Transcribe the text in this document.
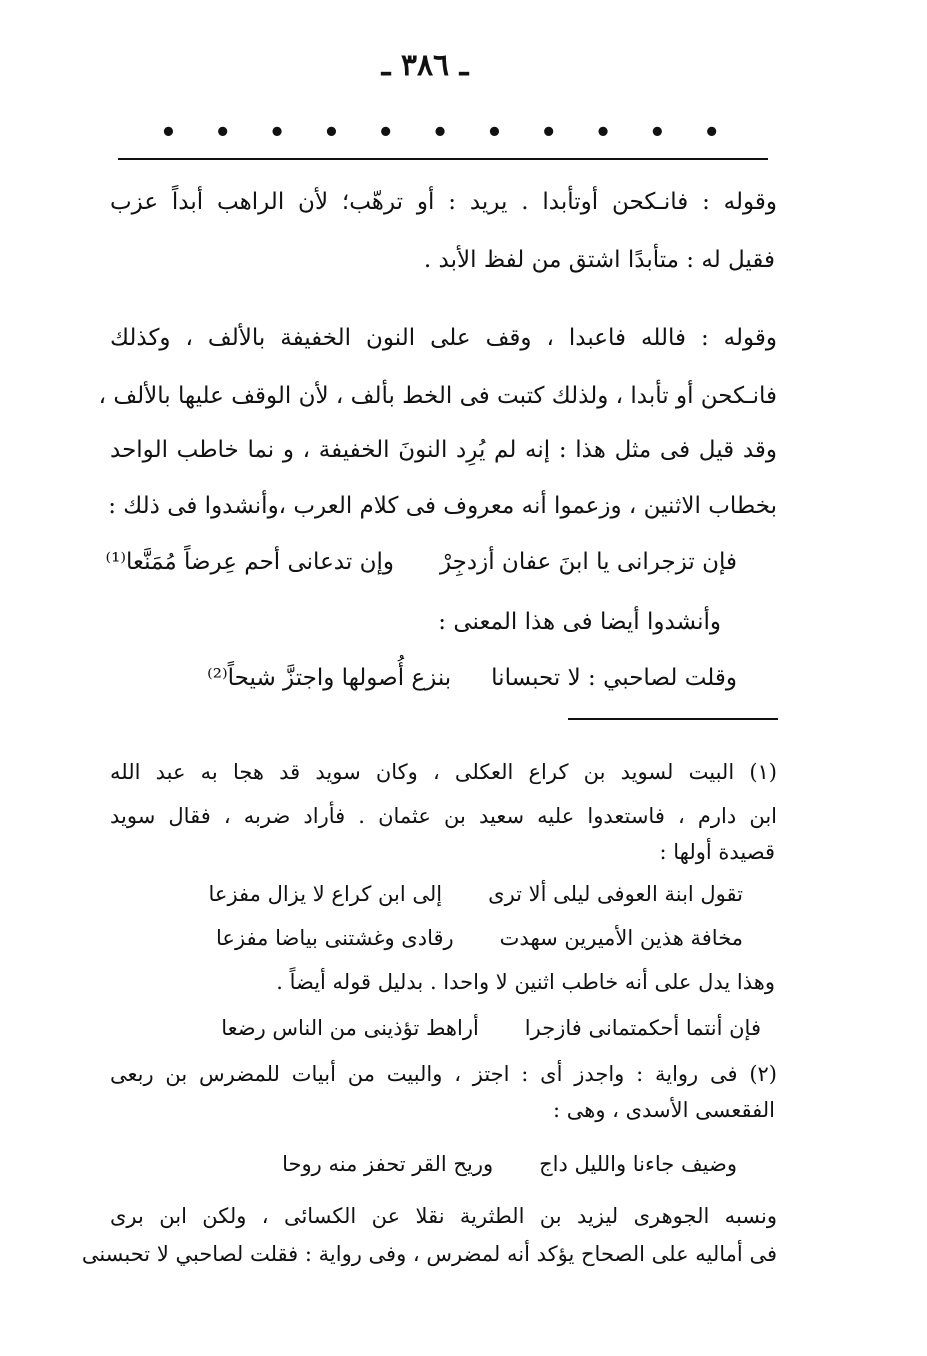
ـ ٣٨٦ ـ
•
•
•
•
•
•
•
•
•
•
•
وقوله : فانـكحن أوتأبدا . يريد : أو ترهّب؛ لأن الراهب أبداً عزب
فقيل له : متأبدًا اشتق من لفظ الأبد .
وقوله : فالله فاعبدا ، وقف على النون الخفيفة بالألف ، وكذلك
فانـكحن أو تأبدا ، ولذلك كتبت فى الخط بألف ، لأن الوقف عليها بالألف ،
وقد قيل فى مثل هذا : إنه لم يُرِد النونَ الخفيفة ، و نما خاطب الواحد
بخطاب الاثنين ، وزعموا أنه معروف فى كلام العرب ،وأنشدوا فى ذلك :
فإن تزجرانى يا ابنَ عفان أزدجِرْ
وإن تدعانى أحم عِرضاً مُمَنَّعا⁽¹⁾
وأنشدوا أيضا فى هذا المعنى :
وقلت لصاحبي : لا تحبسانا
بنزع أُصولها واجتزَّ شيحاً⁽²⁾
(١) البيت لسويد بن كراع العكلى ، وكان سويد قد هجا به عبد الله
ابن دارم ، فاستعدوا عليه سعيد بن عثمان . فأراد ضربه ، فقال سويد
قصيدة أولها :
تقول ابنة العوفى ليلى ألا ترى
إلى ابن كراع لا يزال مفزعا
مخافة هذين الأميرين سهدت
رقادى وغشتنى بياضا مفزعا
وهذا يدل على أنه خاطب اثنين لا واحدا . بدليل قوله أيضاً .
فإن أنتما أحكمتمانى فازجرا
أراهط تؤذينى من الناس رضعا
(٢) فى رواية : واجدز أى : اجتز ، والبيت من أبيات للمضرس بن ربعى
الفقعسى الأسدى ، وهى :
وضيف جاءنا والليل داج
وريح القر تحفز منه روحا
ونسبه الجوهرى ليزيد بن الطثرية نقلا عن الكسائى ، ولكن ابن برى
فى أماليه على الصحاح يؤكد أنه لمضرس ، وفى رواية : فقلت لصاحبي لا تحبسنى
